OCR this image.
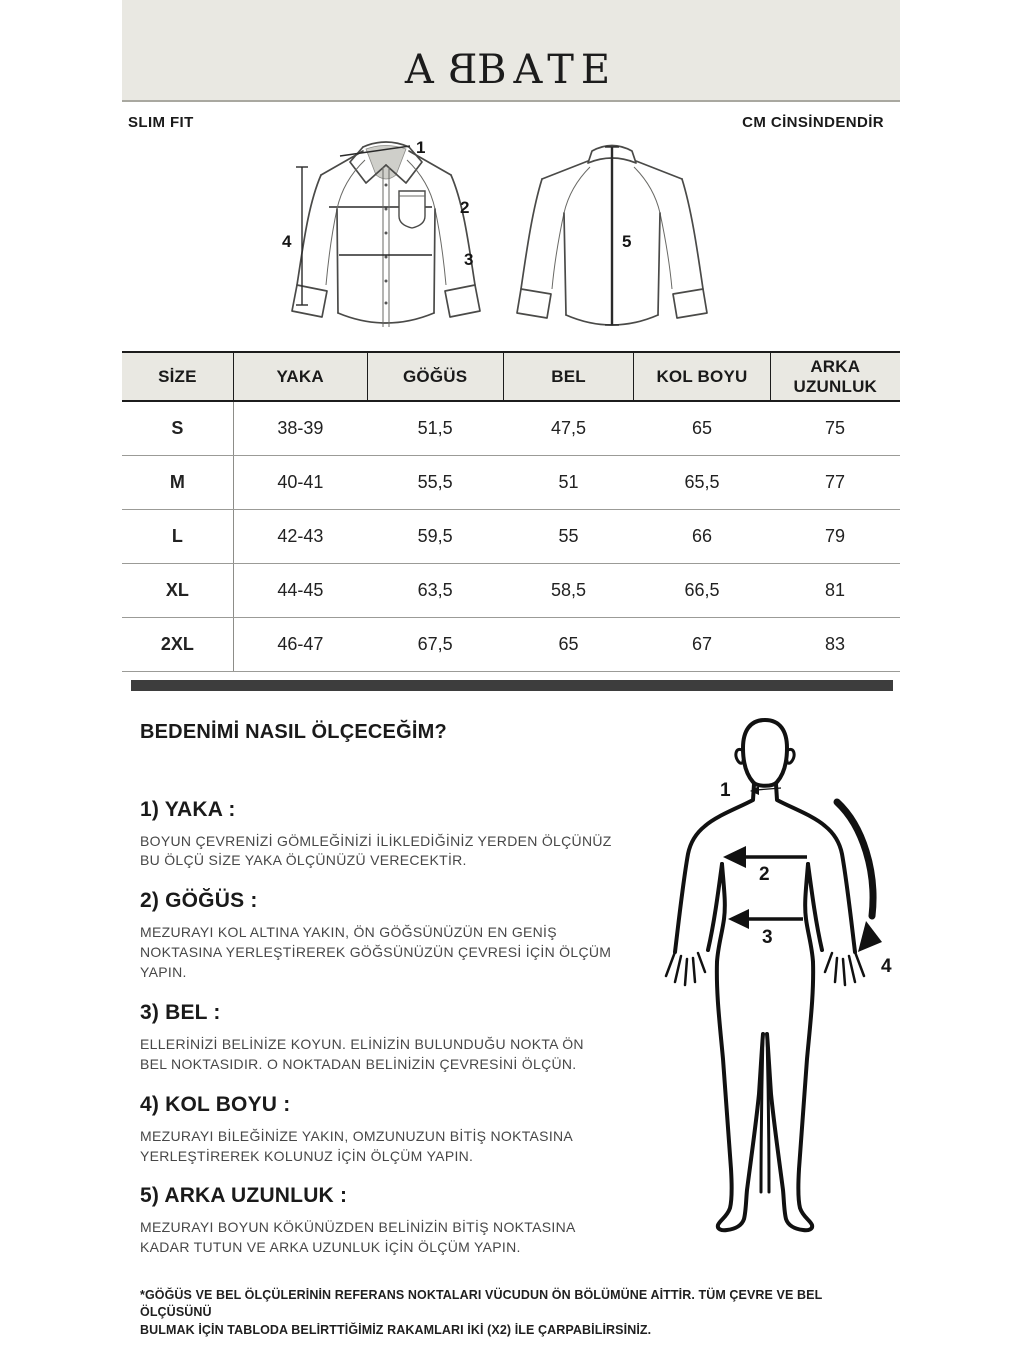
ABBATE
SLIM FIT	CM CİNSİNDENDİR
1
2
3
4	5
SİZE	YAKA	GÖĞÜS	BEL	KOL BOYU	ARKA UZUNLUK
S	38-39	51,5	47,5	65	75
M	40-41	55,5	51	65,5	77
L	42-43	59,5	55	66	79
XL	44-45	63,5	58,5	66,5	81
2XL	46-47	67,5	65	67	83
BEDENİMİ NASIL ÖLÇECEĞİM?
1) YAKA :
BOYUN ÇEVRENİZİ GÖMLEĞİNİZİ İLİKLEDİĞİNİZ YERDEN ÖLÇÜNÜZ
BU ÖLÇÜ SİZE YAKA ÖLÇÜNÜZÜ VERECEKTİR.
2) GÖĞÜS :
MEZURAYI KOL ALTINA YAKIN, ÖN GÖĞSÜNÜZÜN EN GENİŞ
NOKTASINA YERLEŞTİREREK GÖĞSÜNÜZÜN ÇEVRESİ İÇİN ÖLÇÜM
YAPIN.
3) BEL :
ELLERİNİZİ BELİNİZE KOYUN. ELİNİZİN BULUNDUĞU NOKTA ÖN
BEL NOKTASIDIR. O NOKTADAN BELİNİZİN ÇEVRESİNİ ÖLÇÜN.
4) KOL BOYU :
MEZURAYI BİLEĞİNİZE YAKIN, OMZUNUZUN BİTİŞ NOKTASINA
YERLEŞTİREREK KOLUNUZ İÇİN ÖLÇÜM YAPIN.
5) ARKA UZUNLUK :
MEZURAYI BOYUN KÖKÜNÜZDEN BELİNİZİN BİTİŞ NOKTASINA
KADAR TUTUN VE ARKA UZUNLUK İÇİN ÖLÇÜM YAPIN.
1
2
3
4
*GÖĞÜS VE BEL ÖLÇÜLERİNİN REFERANS NOKTALARI VÜCUDUN ÖN BÖLÜMÜNE AİTTİR. TÜM ÇEVRE VE BEL ÖLÇÜSÜNÜ
BULMAK İÇİN TABLODA BELİRTTİĞİMİZ RAKAMLARI İKİ (X2) İLE ÇARPABİLİRSİNİZ.
